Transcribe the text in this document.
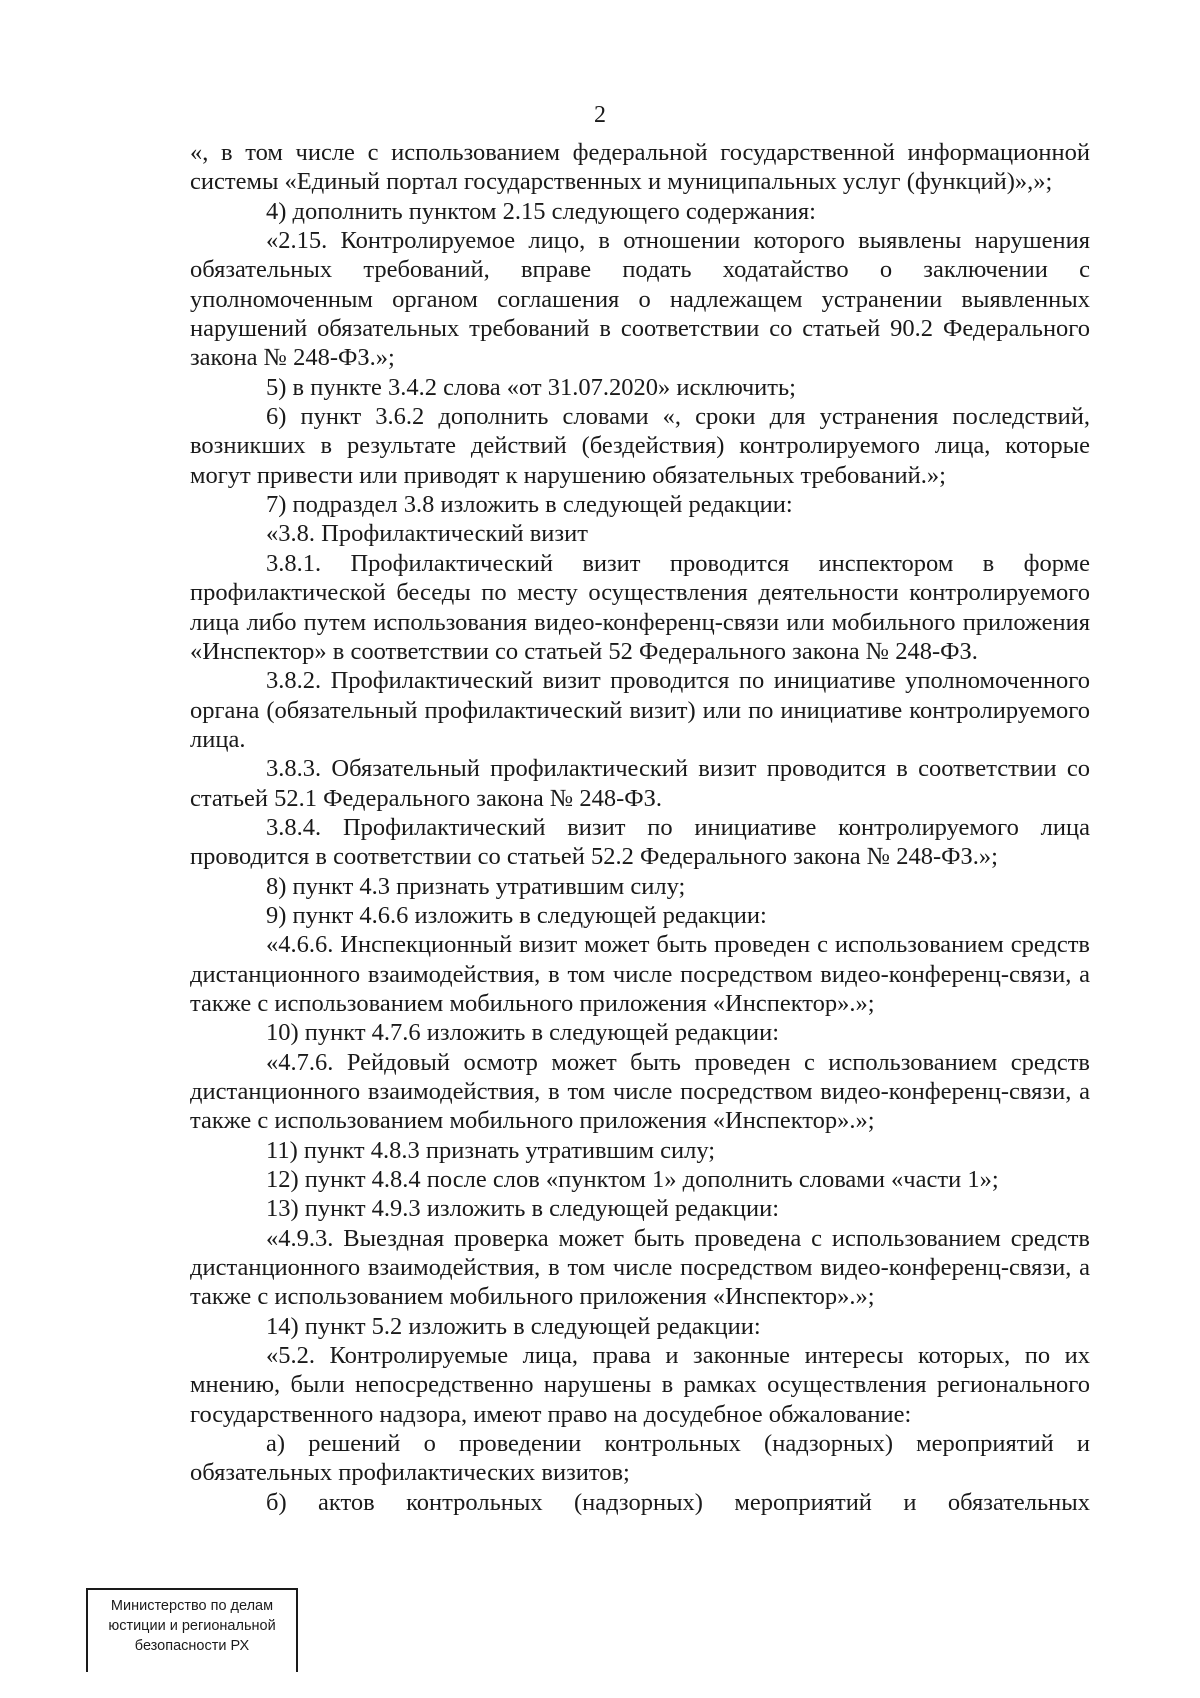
2

«, в том числе с использованием федеральной государственной информационной системы «Единый портал государственных и муниципальных услуг (функций)»,»;

4) дополнить пунктом 2.15 следующего содержания:

«2.15. Контролируемое лицо, в отношении которого выявлены нарушения обязательных требований, вправе подать ходатайство о заключении с уполномоченным органом соглашения о надлежащем устранении выявленных нарушений обязательных требований в соответствии со статьей 90.2 Федерального закона № 248-ФЗ.»;

5) в пункте 3.4.2 слова «от 31.07.2020» исключить;

6) пункт 3.6.2 дополнить словами «, сроки для устранения последствий, возникших в результате действий (бездействия) контролируемого лица, которые могут привести или приводят к нарушению обязательных требований.»;

7) подраздел 3.8 изложить в следующей редакции:

«3.8. Профилактический визит

3.8.1. Профилактический визит проводится инспектором в форме профилактической беседы по месту осуществления деятельности контролируемого лица либо путем использования видео-конференц-связи или мобильного приложения «Инспектор» в соответствии со статьей 52 Федерального закона № 248-ФЗ.

3.8.2. Профилактический визит проводится по инициативе уполномоченного органа (обязательный профилактический визит) или по инициативе контролируемого лица.

3.8.3. Обязательный профилактический визит проводится в соответствии со статьей 52.1 Федерального закона № 248-ФЗ.

3.8.4. Профилактический визит по инициативе контролируемого лица проводится в соответствии со статьей 52.2 Федерального закона № 248-ФЗ.»;

8) пункт 4.3 признать утратившим силу;

9) пункт 4.6.6 изложить в следующей редакции:

«4.6.6. Инспекционный визит может быть проведен с использованием средств дистанционного взаимодействия, в том числе посредством видео-конференц-связи, а также с использованием мобильного приложения «Инспектор».»;

10) пункт 4.7.6 изложить в следующей редакции:

«4.7.6. Рейдовый осмотр может быть проведен с использованием средств дистанционного взаимодействия, в том числе посредством видео-конференц-связи, а также с использованием мобильного приложения «Инспектор».»;

11) пункт 4.8.3 признать утратившим силу;

12) пункт 4.8.4 после слов «пунктом 1» дополнить словами «части 1»;

13) пункт 4.9.3 изложить в следующей редакции:

«4.9.3. Выездная проверка может быть проведена с использованием средств дистанционного взаимодействия, в том числе посредством видео-конференц-связи, а также с использованием мобильного приложения «Инспектор».»;

14) пункт 5.2 изложить в следующей редакции:

«5.2. Контролируемые лица, права и законные интересы которых, по их мнению, были непосредственно нарушены в рамках осуществления регионального государственного надзора, имеют право на досудебное обжалование:

а) решений о проведении контрольных (надзорных) мероприятий и обязательных профилактических визитов;

б) актов контрольных (надзорных) мероприятий и обязательных

Министерство по делам
юстиции и региональной
безопасности РХ
